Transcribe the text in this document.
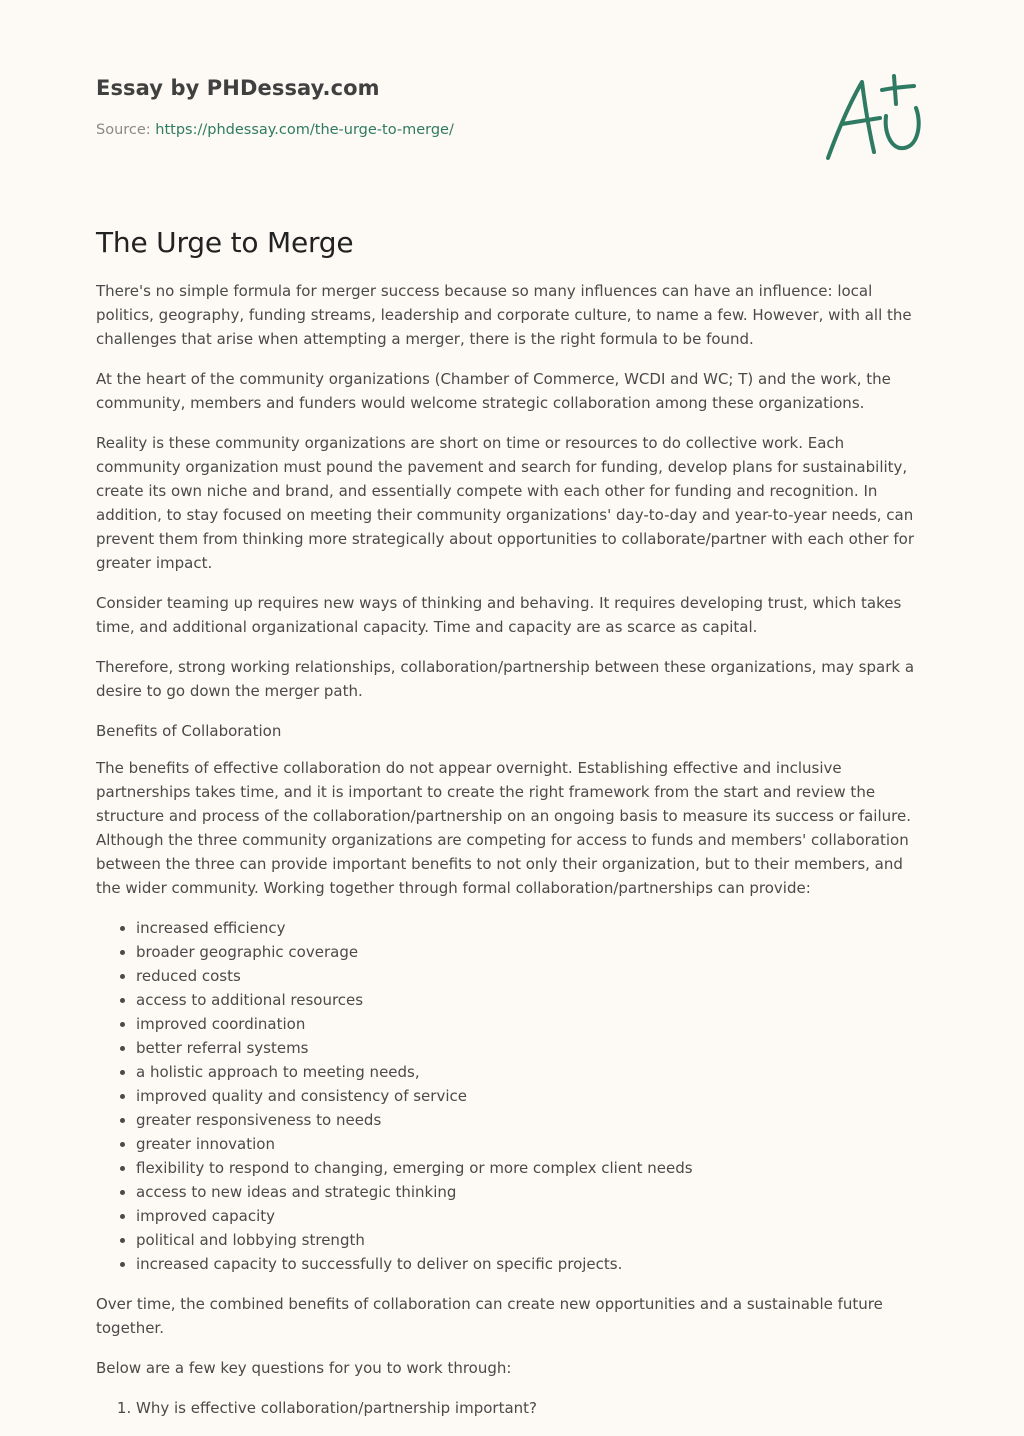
Essay by PHDessay.com
Source: https://phdessay.com/the-urge-to-merge/
The Urge to Merge

There's no simple formula for merger success because so many influences can have an influence: local politics, geography, funding streams, leadership and corporate culture, to name a few. However, with all the challenges that arise when attempting a merger, there is the right formula to be found.

At the heart of the community organizations (Chamber of Commerce, WCDI and WC; T) and the work, the community, members and funders would welcome strategic collaboration among these organizations.

Reality is these community organizations are short on time or resources to do collective work. Each community organization must pound the pavement and search for funding, develop plans for sustainability, create its own niche and brand, and essentially compete with each other for funding and recognition. In addition, to stay focused on meeting their community organizations' day-to-day and year-to-year needs, can prevent them from thinking more strategically about opportunities to collaborate/partner with each other for greater impact.

Consider teaming up requires new ways of thinking and behaving. It requires developing trust, which takes time, and additional organizational capacity. Time and capacity are as scarce as capital.

Therefore, strong working relationships, collaboration/partnership between these organizations, may spark a desire to go down the merger path.

Benefits of Collaboration

The benefits of effective collaboration do not appear overnight. Establishing effective and inclusive partnerships takes time, and it is important to create the right framework from the start and review the structure and process of the collaboration/partnership on an ongoing basis to measure its success or failure.

Although the three community organizations are competing for access to funds and members' collaboration between the three can provide important benefits to not only their organization, but to their members, and the wider community. Working together through formal collaboration/partnerships can provide:

• increased efficiency
• broader geographic coverage
• reduced costs
• access to additional resources
• improved coordination
• better referral systems
• a holistic approach to meeting needs,
• improved quality and consistency of service
• greater responsiveness to needs
• greater innovation
• flexibility to respond to changing, emerging or more complex client needs
• access to new ideas and strategic thinking
• improved capacity
• political and lobbying strength
• increased capacity to successfully to deliver on specific projects.

Over time, the combined benefits of collaboration can create new opportunities and a sustainable future together.

Below are a few key questions for you to work through:

1. Why is effective collaboration/partnership important?
